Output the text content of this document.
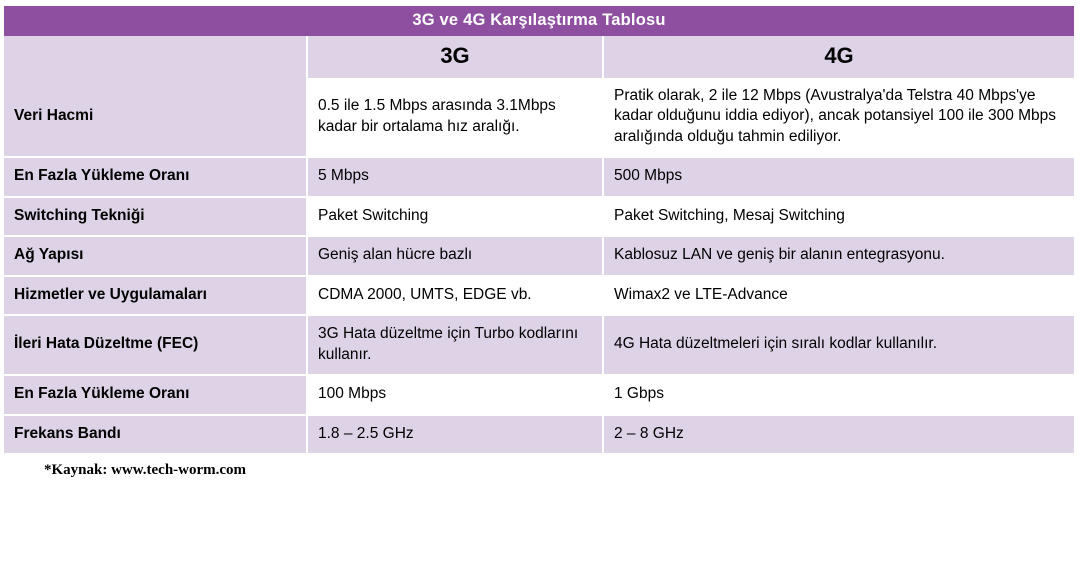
3G ve 4G Karşılaştırma Tablosu		
	3G	4G
Veri Hacmi	0.5 ile 1.5 Mbps arasında 3.1Mbps kadar bir ortalama hız aralığı.	Pratik olarak, 2 ile 12 Mbps (Avustralya'da Telstra 40 Mbps'ye kadar olduğunu iddia ediyor), ancak potansiyel 100 ile 300 Mbps aralığında olduğu tahmin ediliyor.
En Fazla Yükleme Oranı	5 Mbps	500 Mbps
Switching Tekniği	Paket Switching	Paket Switching, Mesaj Switching
Ağ Yapısı	Geniş alan hücre bazlı	Kablosuz LAN ve geniş bir alanın entegrasyonu.
Hizmetler ve Uygulamaları	CDMA 2000, UMTS, EDGE vb.	Wimax2 ve LTE-Advance
İleri Hata Düzeltme (FEC)	3G Hata düzeltme için Turbo kodlarını kullanır.	4G Hata düzeltmeleri için sıralı kodlar kullanılır.
En Fazla Yükleme Oranı	100 Mbps	1 Gbps
Frekans Bandı	1.8 – 2.5 GHz	2 – 8 GHz
*Kaynak: www.tech-worm.com
